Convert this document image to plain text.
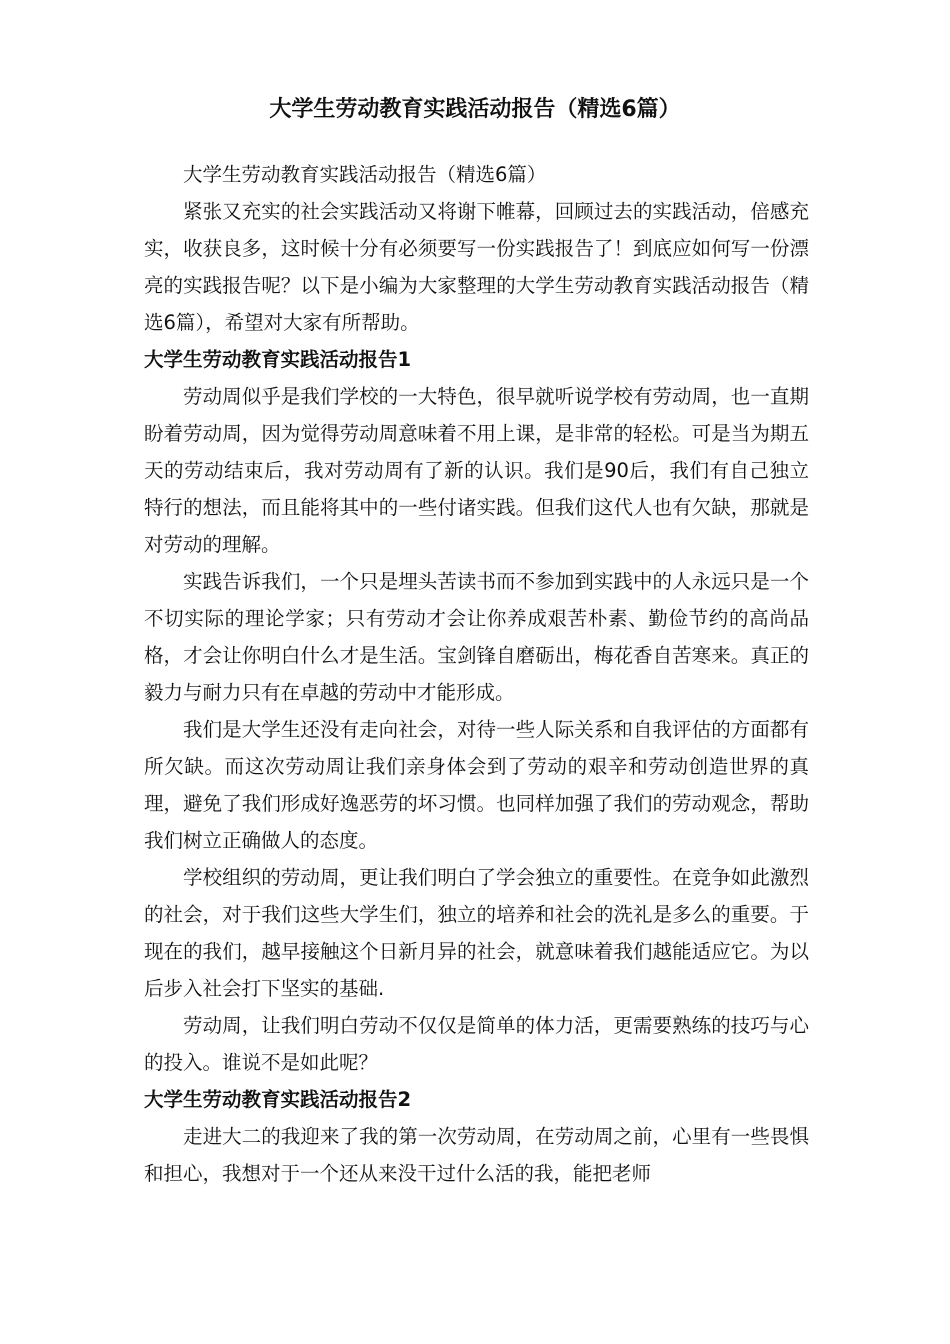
大学生劳动教育实践活动报告（精选6篇）

大学生劳动教育实践活动报告（精选6篇）

紧张又充实的社会实践活动又将谢下帷幕，回顾过去的实践活动，倍感充实，收获良多，这时候十分有必须要写一份实践报告了！到底应如何写一份漂亮的实践报告呢？以下是小编为大家整理的大学生劳动教育实践活动报告（精选6篇），希望对大家有所帮助。

大学生劳动教育实践活动报告1

劳动周似乎是我们学校的一大特色，很早就听说学校有劳动周，也一直期盼着劳动周，因为觉得劳动周意味着不用上课，是非常的轻松。可是当为期五天的劳动结束后，我对劳动周有了新的认识。我们是90后，我们有自己独立特行的想法，而且能将其中的一些付诸实践。但我们这代人也有欠缺，那就是对劳动的理解。

实践告诉我们，一个只是埋头苦读书而不参加到实践中的人永远只是一个不切实际的理论学家；只有劳动才会让你养成艰苦朴素、勤俭节约的高尚品格，才会让你明白什么才是生活。宝剑锋自磨砺出，梅花香自苦寒来。真正的毅力与耐力只有在卓越的劳动中才能形成。

我们是大学生还没有走向社会，对待一些人际关系和自我评估的方面都有所欠缺。而这次劳动周让我们亲身体会到了劳动的艰辛和劳动创造世界的真理，避免了我们形成好逸恶劳的坏习惯。也同样加强了我们的劳动观念，帮助我们树立正确做人的态度。

学校组织的劳动周，更让我们明白了学会独立的重要性。在竞争如此激烈的社会，对于我们这些大学生们，独立的培养和社会的洗礼是多么的重要。于现在的我们，越早接触这个日新月异的社会，就意味着我们越能适应它。为以后步入社会打下坚实的基础.

劳动周，让我们明白劳动不仅仅是简单的体力活，更需要熟练的技巧与心的投入。谁说不是如此呢？

大学生劳动教育实践活动报告2

走进大二的我迎来了我的第一次劳动周，在劳动周之前，心里有一些畏惧和担心，我想对于一个还从来没干过什么活的我，能把老师
